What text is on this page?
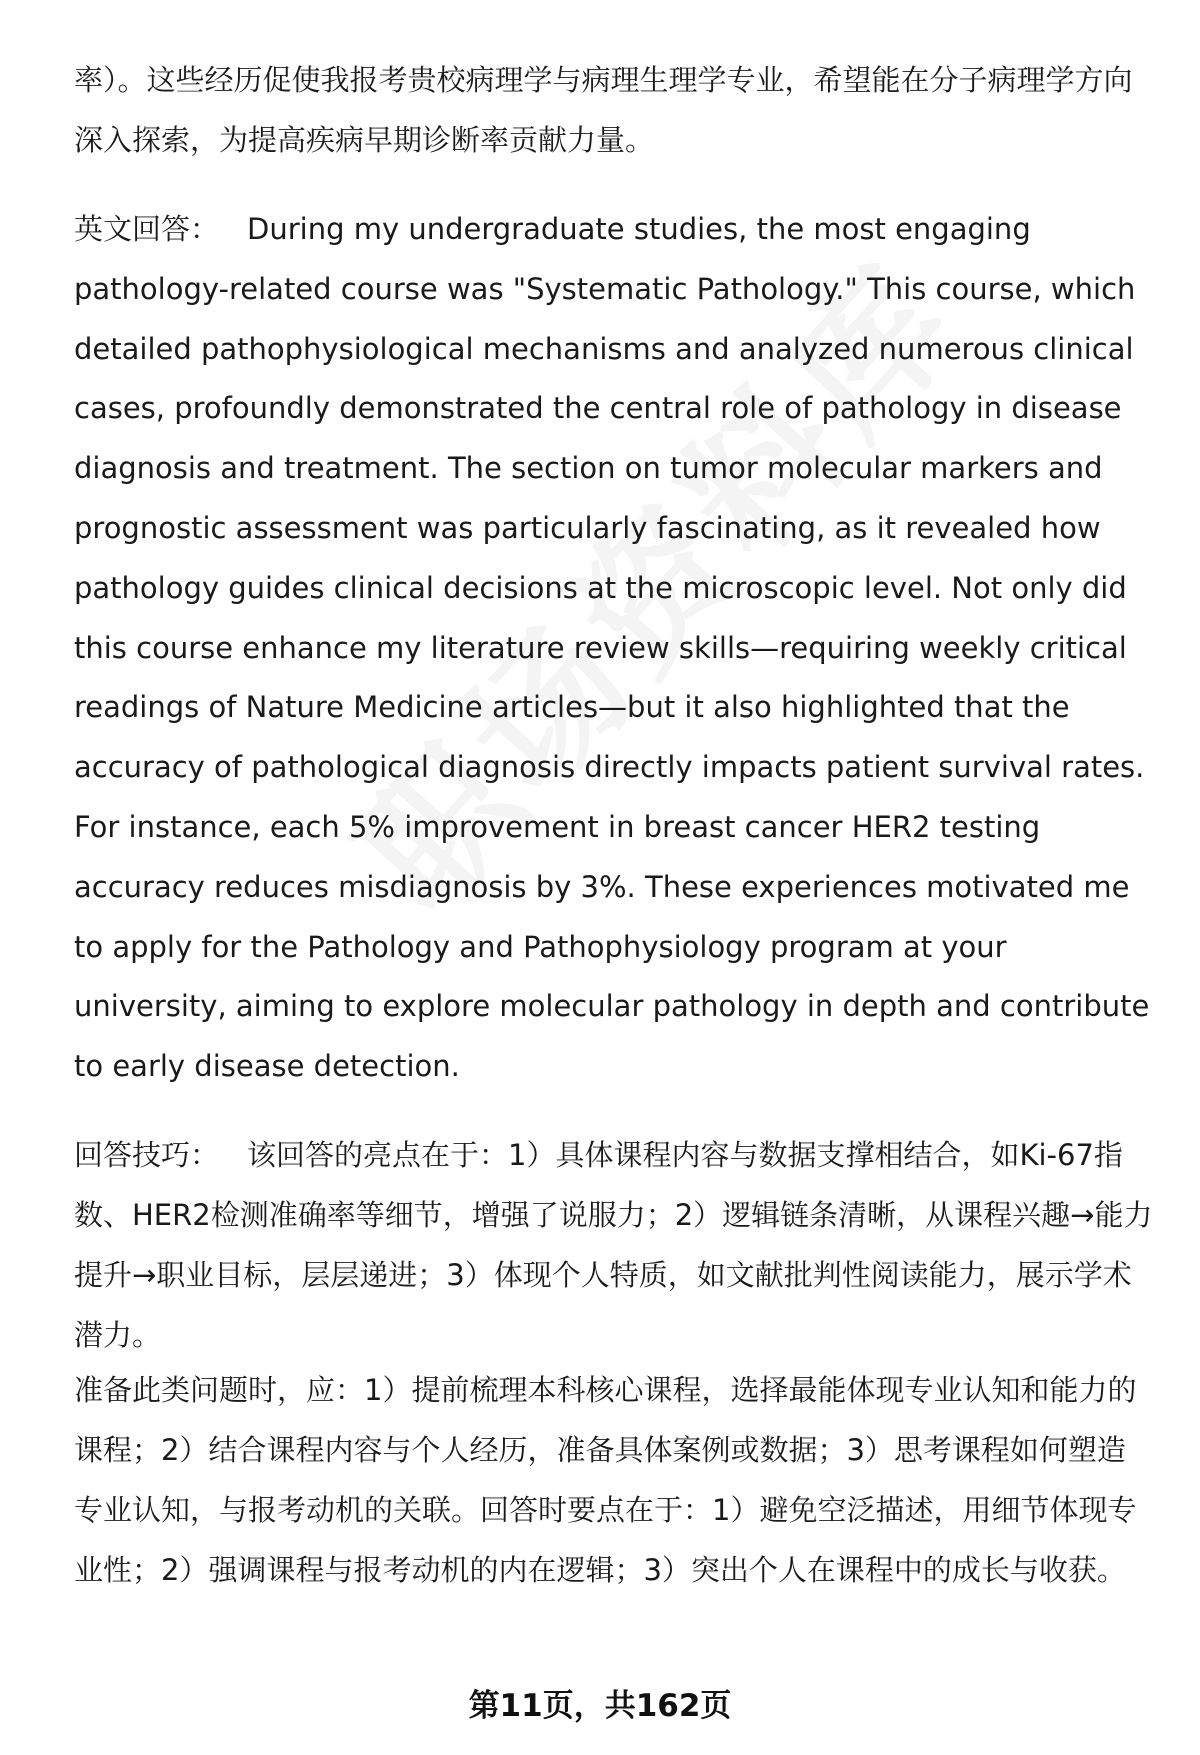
率）。这些经历促使我报考贵校病理学与病理生理学专业，希望能在分子病理学方向深入探索，为提高疾病早期诊断率贡献力量。

英文回答： During my undergraduate studies, the most engaging pathology-related course was "Systematic Pathology." This course, which detailed pathophysiological mechanisms and analyzed numerous clinical cases, profoundly demonstrated the central role of pathology in disease diagnosis and treatment. The section on tumor molecular markers and prognostic assessment was particularly fascinating, as it revealed how pathology guides clinical decisions at the microscopic level. Not only did this course enhance my literature review skills—requiring weekly critical readings of Nature Medicine articles—but it also highlighted that the accuracy of pathological diagnosis directly impacts patient survival rates. For instance, each 5% improvement in breast cancer HER2 testing accuracy reduces misdiagnosis by 3%. These experiences motivated me to apply for the Pathology and Pathophysiology program at your university, aiming to explore molecular pathology in depth and contribute to early disease detection.

回答技巧： 该回答的亮点在于：1）具体课程内容与数据支撑相结合，如Ki-67指数、HER2检测准确率等细节，增强了说服力；2）逻辑链条清晰，从课程兴趣→能力提升→职业目标，层层递进；3）体现个人特质，如文献批判性阅读能力，展示学术潜力。

准备此类问题时，应：1）提前梳理本科核心课程，选择最能体现专业认知和能力的课程；2）结合课程内容与个人经历，准备具体案例或数据；3）思考课程如何塑造专业认知，与报考动机的关联。回答时要点在于：1）避免空泛描述，用细节体现专业性；2）强调课程与报考动机的内在逻辑；3）突出个人在课程中的成长与收获。

第11页，共162页
